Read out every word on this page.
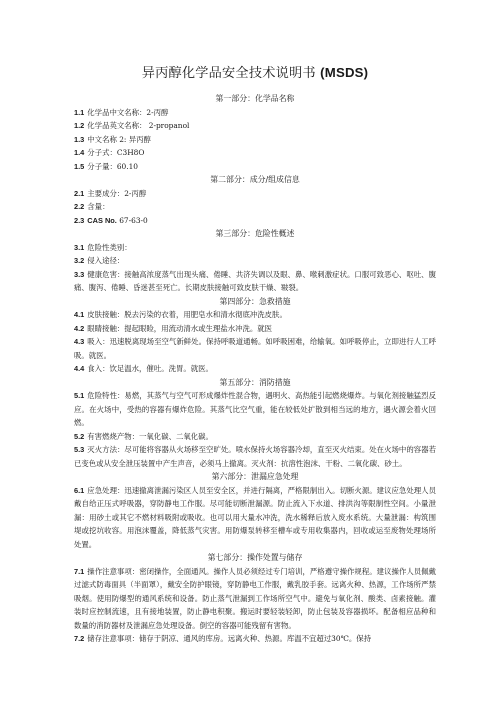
异丙醇化学品安全技术说明书 (MSDS)

第一部分：化学品名称

1.1 化学品中文名称：2-丙醇

1.2 化学品英文名称： 2-propanol

1.3 中文名称 2: 异丙醇

1.4 分子式：C3H8O

1.5 分子量：60.10

第二部分：成分/组成信息

2.1 主要成分：2-丙醇

2.2 含量：

2.3 CAS No. 67-63-0

第三部分：危险性概述

3.1 危险性类别：

3.2 侵入途径：

3.3 健康危害：接触高浓度蒸气出现头痛、倦睡、共济失调以及眼、鼻、喉刺激症状。口服可致恶心、呕吐、腹痛、腹泻、倦睡、昏迷甚至死亡。长期皮肤接触可致皮肤干燥、皲裂。

第四部分：急救措施

4.1 皮肤接触：脱去污染的衣着，用肥皂水和清水彻底冲洗皮肤。

4.2 眼睛接触：提起眼睑，用流动清水或生理盐水冲洗。就医

4.3 吸入：迅速脱离现场至空气新鲜处。保持呼吸道通畅。如呼吸困难，给输氧。如呼吸停止，立即进行人工呼吸。就医。

4.4 食入：饮足温水，催吐。洗胃。就医。

第五部分：消防措施

5.1 危险特性：易燃，其蒸气与空气可形成爆炸性混合物，遇明火、高热能引起燃烧爆炸。与氧化剂接触猛烈反应。在火场中，受热的容器有爆炸危险。其蒸气比空气重，能在较低处扩散到相当远的地方，遇火源会着火回燃。

5.2 有害燃烧产物：一氧化碳、二氧化碳。

5.3 灭火方法：尽可能将容器从火场移至空旷处。喷水保持火场容器冷却，直至灭火结束。处在火场中的容器若已变色或从安全泄压装置中产生声音，必须马上撤离。灭火剂：抗溶性泡沫、干粉、二氧化碳、砂土。

第六部分：泄漏应急处理

6.1 应急处理：迅速撤离泄漏污染区人员至安全区，并进行隔离，严格限制出入。切断火源。建议应急处理人员戴自给正压式呼吸器，穿防静电工作服。尽可能切断泄漏源。防止流入下水道、排洪沟等限制性空间。小量泄漏：用砂土或其它不燃材料吸附或吸收。也可以用大量水冲洗，洗水稀释后放入废水系统。大量泄漏：构筑围堤或挖坑收容。用泡沫覆盖，降低蒸气灾害。用防爆泵转移至槽车或专用收集器内，回收或运至废物处理场所处置。

第七部分：操作处置与储存

7.1 操作注意事项：密闭操作，全面通风。操作人员必须经过专门培训，严格遵守操作规程。建议操作人员佩戴过滤式防毒面具（半面罩），戴安全防护眼镜，穿防静电工作服，戴乳胶手套。远离火种、热源，工作场所严禁吸烟。使用防爆型的通风系统和设备。防止蒸气泄漏到工作场所空气中。避免与氧化剂、酸类、卤素接触。灌装时应控制流速，且有接地装置，防止静电积聚。搬运时要轻装轻卸，防止包装及容器损坏。配备相应品种和数量的消防器材及泄漏应急处理设备。倒空的容器可能残留有害物。

7.2 储存注意事项：储存于阴凉、通风的库房。远离火种、热源。库温不宜超过30℃。保持
